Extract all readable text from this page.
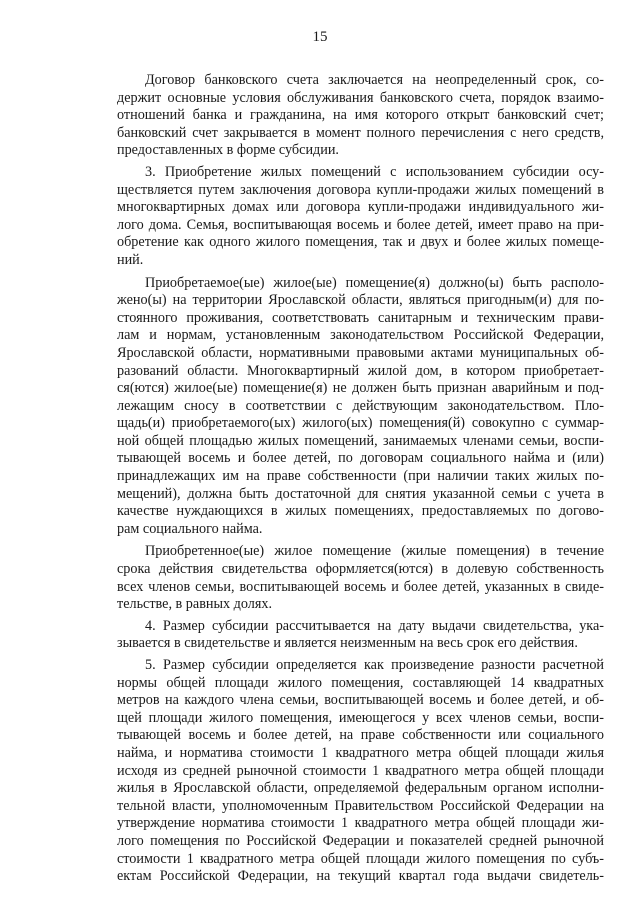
15
Договор банковского счета заключается на неопределенный срок, со-
держит основные условия обслуживания банковского счета, порядок взаимо-
отношений банка и гражданина, на имя которого открыт банковский счет;
банковский счет закрывается в момент полного перечисления с него средств,
предоставленных в форме субсидии.
3. Приобретение жилых помещений с использованием субсидии осу-
ществляется путем заключения договора купли-продажи жилых помещений в
многоквартирных домах или договора купли-продажи индивидуального жи-
лого дома. Семья, воспитывающая восемь и более детей, имеет право на при-
обретение как одного жилого помещения, так и двух и более жилых помеще-
ний.
Приобретаемое(ые) жилое(ые) помещение(я) должно(ы) быть располо-
жено(ы) на территории Ярославской области, являться пригодным(и) для по-
стоянного проживания, соответствовать санитарным и техническим прави-
лам и нормам, установленным законодательством Российской Федерации,
Ярославской области, нормативными правовыми актами муниципальных об-
разований области. Многоквартирный жилой дом, в котором приобретает-
ся(ются) жилое(ые) помещение(я) не должен быть признан аварийным и под-
лежащим сносу в соответствии с действующим законодательством. Пло-
щадь(и) приобретаемого(ых) жилого(ых) помещения(й) совокупно с суммар-
ной общей площадью жилых помещений, занимаемых членами семьи, воспи-
тывающей восемь и более детей, по договорам социального найма и (или)
принадлежащих им на праве собственности (при наличии таких жилых по-
мещений), должна быть достаточной для снятия указанной семьи с учета в
качестве нуждающихся в жилых помещениях, предоставляемых по догово-
рам социального найма.
Приобретенное(ые) жилое помещение (жилые помещения) в течение
срока действия свидетельства оформляется(ются) в долевую собственность
всех членов семьи, воспитывающей восемь и более детей, указанных в свиде-
тельстве, в равных долях.
4. Размер субсидии рассчитывается на дату выдачи свидетельства, ука-
зывается в свидетельстве и является неизменным на весь срок его действия.
5. Размер субсидии определяется как произведение разности расчетной
нормы общей площади жилого помещения, составляющей 14 квадратных
метров на каждого члена семьи, воспитывающей восемь и более детей, и об-
щей площади жилого помещения, имеющегося у всех членов семьи, воспи-
тывающей восемь и более детей, на праве собственности или социального
найма, и норматива стоимости 1 квадратного метра общей площади жилья
исходя из средней рыночной стоимости 1 квадратного метра общей площади
жилья в Ярославской области, определяемой федеральным органом исполни-
тельной власти, уполномоченным Правительством Российской Федерации на
утверждение норматива стоимости 1 квадратного метра общей площади жи-
лого помещения по Российской Федерации и показателей средней рыночной
стоимости 1 квадратного метра общей площади жилого помещения по субъ-
ектам Российской Федерации, на текущий квартал года выдачи свидетель-
